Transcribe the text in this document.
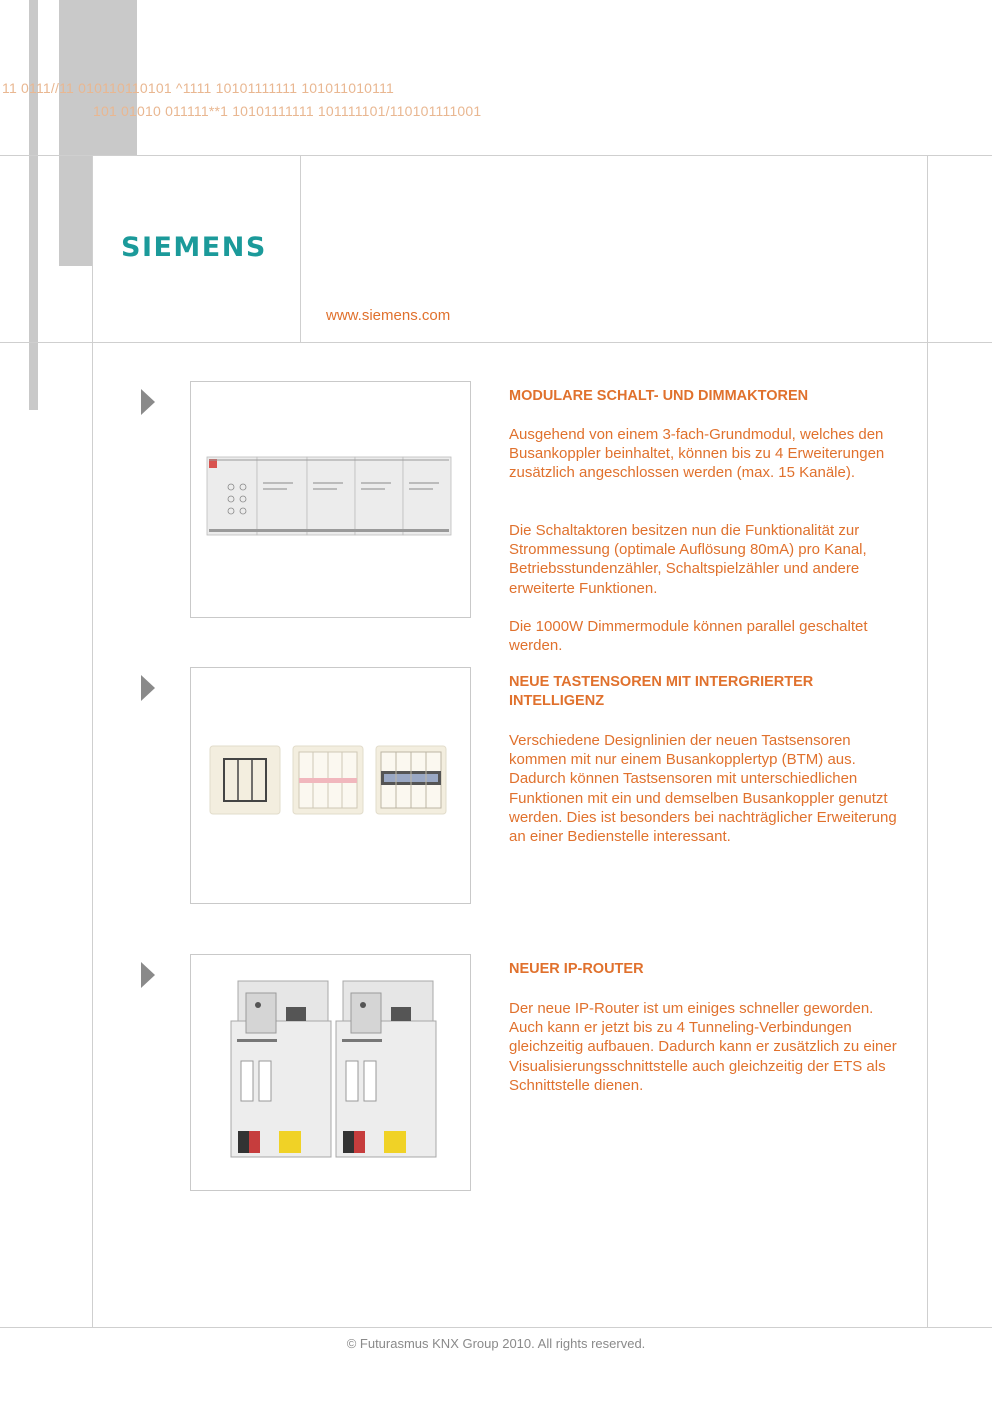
11 0111//11 010110110101 ^1111 10101111111 101011010111
101 01010 011111**1 10101111111 101111101/110101111001
SIEMENS
www.siemens.com
MODULARE SCHALT- UND DIMMAKTOREN

Ausgehend von einem 3-fach-Grundmodul, welches den Busankoppler beinhaltet, können bis zu 4 Erweiterungen zusätzlich angeschlossen werden (max. 15 Kanäle).

Die Schaltaktoren besitzen nun die Funktionalität zur Strommessung (optimale Auflösung 80mA) pro Kanal, Betriebsstundenzähler, Schaltspielzähler und andere erweiterte Funktionen.

Die 1000W Dimmermodule können parallel geschaltet werden.

NEUE TASTENSOREN MIT INTERGRIERTER INTELLIGENZ

Verschiedene Designlinien der neuen Tastsensoren kommen mit nur einem Busankopplertyp (BTM) aus. Dadurch können Tastsensoren mit unterschiedlichen Funktionen mit ein und demselben Busankoppler genutzt werden. Dies ist besonders bei nachträglicher Erweiterung an einer Bedienstelle interessant.

NEUER IP-ROUTER

Der neue IP-Router ist um einiges schneller geworden. Auch kann er jetzt bis zu 4 Tunneling-Verbindungen gleichzeitig aufbauen. Dadurch kann er zusätzlich zu einer Visualisierungsschnittstelle auch gleichzeitig der ETS als Schnittstelle dienen.

© Futurasmus KNX Group 2010. All rights reserved.
